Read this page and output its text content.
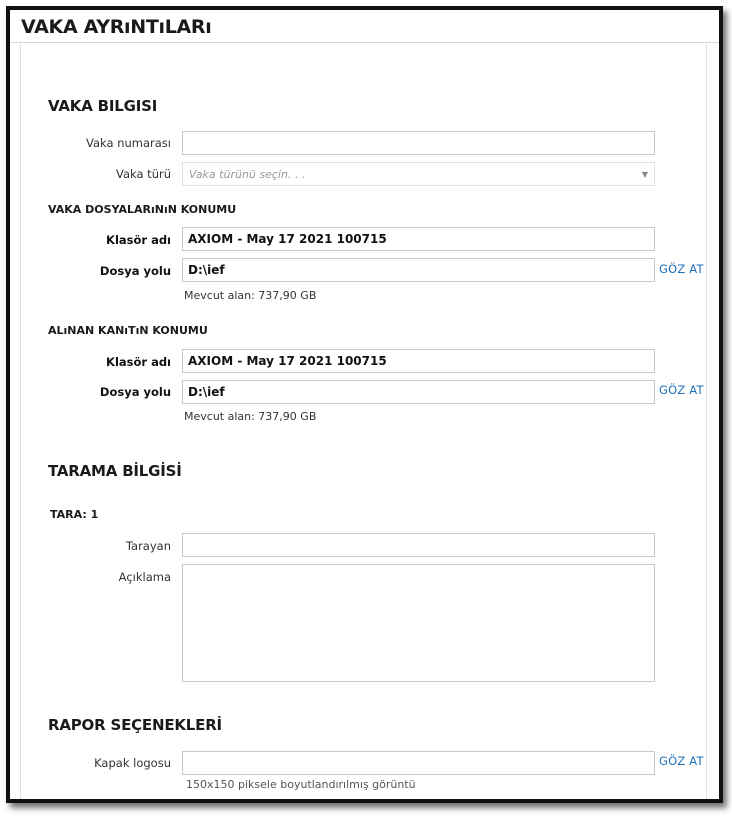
VAKA AYRıNTıLARı
VAKA BILGISI
Vaka numarası
Vaka türü Vaka türünü seçin. . .	▼
VAKA DOSYALARıNıN KONUMU
Klasör adı AXIOM - May 17 2021 100715
Dosya yolu D:\ief	GÖZ AT
Mevcut alan: 737,90 GB
ALıNAN KANıTıN KONUMU
Klasör adı AXIOM - May 17 2021 100715
Dosya yolu D:\ief	GÖZ AT
Mevcut alan: 737,90 GB
TARAMA BİLGİSİ
TARA: 1
Tarayan
Açıklama
RAPOR SEÇENEKLERİ
Kapak logosu	GÖZ AT
150x150 piksele boyutlandırılmış görüntü
